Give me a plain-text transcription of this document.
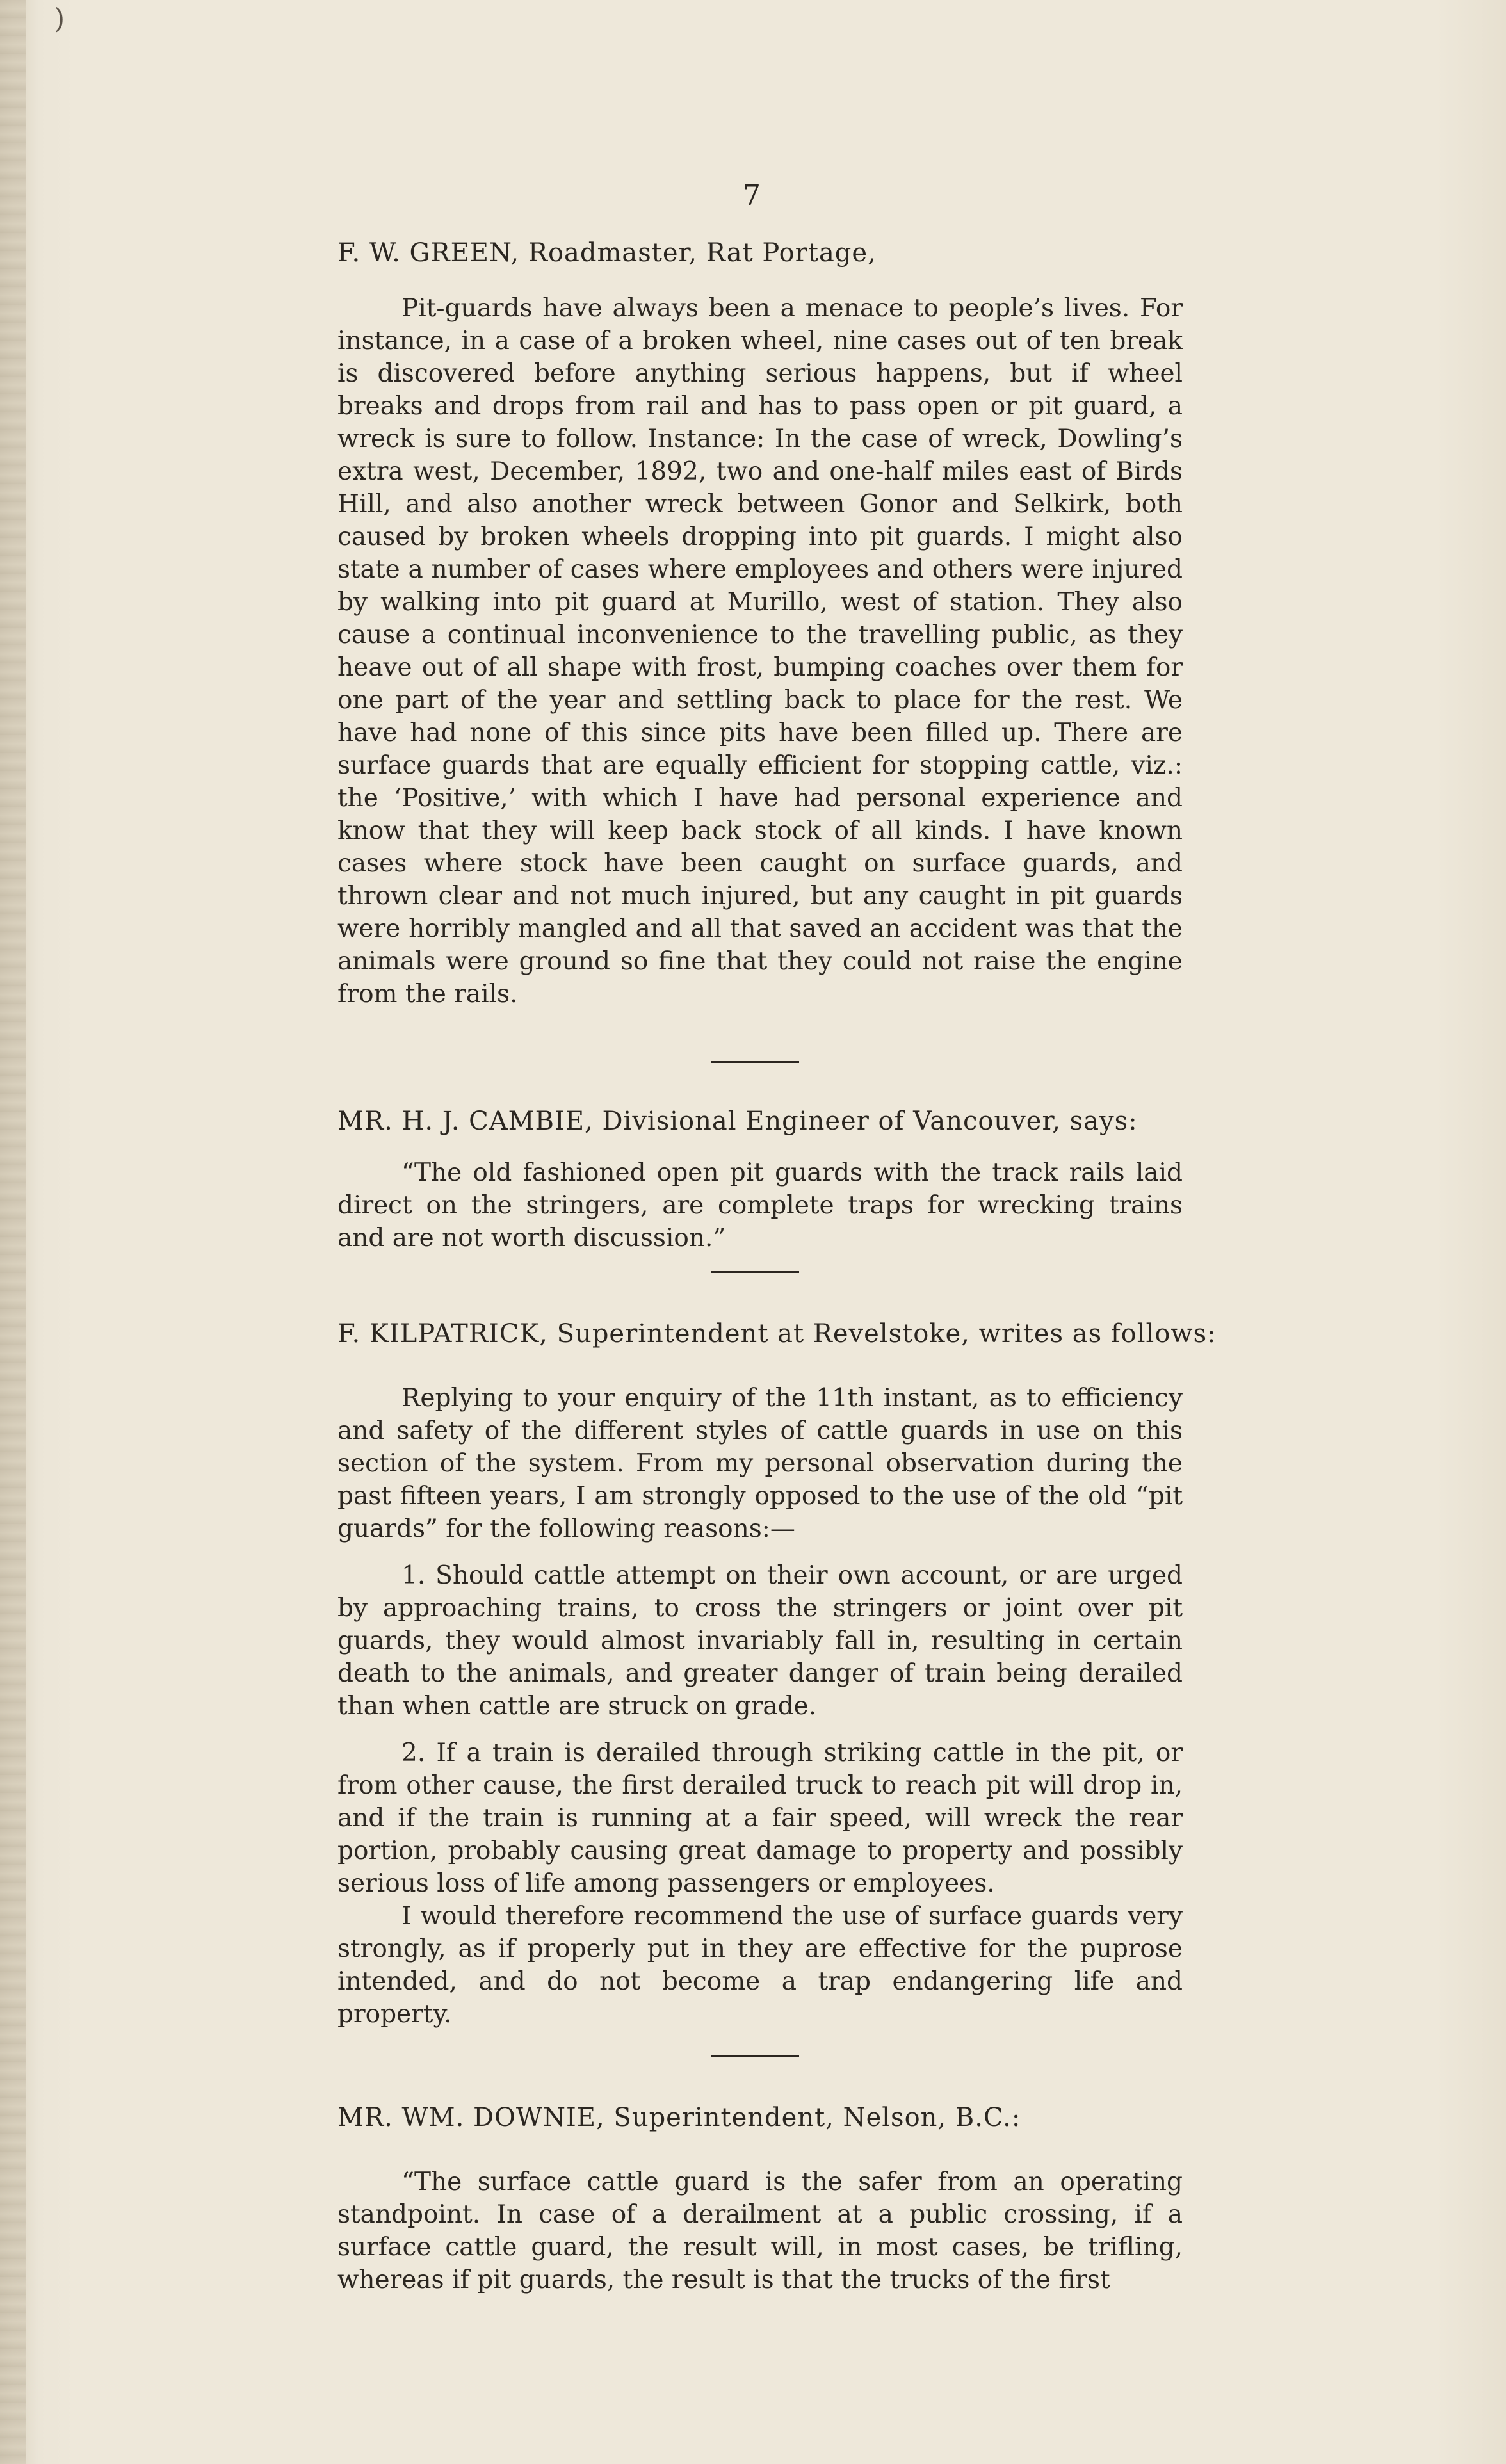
)
7
F. W. GREEN, Roadmaster, Rat Portage,

Pit-guards have always been a menace to people’s lives. For instance, in a case of a broken wheel, nine cases out of ten break is discovered before anything serious happens, but if wheel breaks and drops from rail and has to pass open or pit guard, a wreck is sure to follow. Instance: In the case of wreck, Dowling’s extra west, December, 1892, two and one-half miles east of Birds Hill, and also another wreck between Gonor and Selkirk, both caused by broken wheels dropping into pit guards. I might also state a number of cases where employees and others were injured by walking into pit guard at Murillo, west of station. They also cause a continual inconvenience to the travelling public, as they heave out of all shape with frost, bumping coaches over them for one part of the year and settling back to place for the rest. We have had none of this since pits have been filled up. There are surface guards that are equally efficient for stopping cattle, viz.: the ‘Positive,’ with which I have had personal experience and know that they will keep back stock of all kinds. I have known cases where stock have been caught on surface guards, and thrown clear and not much injured, but any caught in pit guards were horribly mangled and all that saved an accident was that the animals were ground so fine that they could not raise the engine from the rails.

MR. H. J. CAMBIE, Divisional Engineer of Vancouver, says:

“The old fashioned open pit guards with the track rails laid direct on the stringers, are complete traps for wrecking trains and are not worth discussion.”

F. KILPATRICK, Superintendent at Revelstoke, writes as follows:

Replying to your enquiry of the 11th instant, as to efficiency and safety of the different styles of cattle guards in use on this section of the system. From my personal observation during the past fifteen years, I am strongly opposed to the use of the old “pit guards” for the following reasons:—

1. Should cattle attempt on their own account, or are urged by approaching trains, to cross the stringers or joint over pit guards, they would almost invariably fall in, resulting in certain death to the animals, and greater danger of train being derailed than when cattle are struck on grade.

2. If a train is derailed through striking cattle in the pit, or from other cause, the first derailed truck to reach pit will drop in, and if the train is running at a fair speed, will wreck the rear portion, probably causing great damage to property and possibly serious loss of life among passengers or employees.

I would therefore recommend the use of surface guards very strongly, as if properly put in they are effective for the puprose intended, and do not become a trap endangering life and property.

MR. WM. DOWNIE, Superintendent, Nelson, B.C.:

“The surface cattle guard is the safer from an operating standpoint. In case of a derailment at a public crossing, if a surface cattle guard, the result will, in most cases, be trifling, whereas if pit guards, the result is that the trucks of the first
